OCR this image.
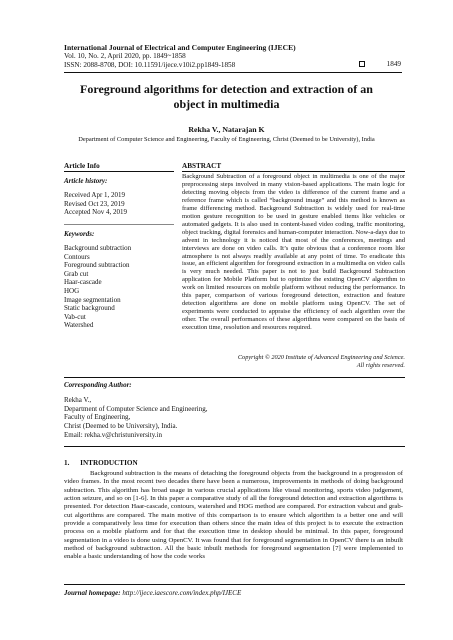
International Journal of Electrical and Computer Engineering (IJECE)
Vol. 10, No. 2, April 2020, pp. 1849~1858
ISSN: 2088-8708, DOI: 10.11591/ijece.v10i2.pp1849-1858	1849
Foreground algorithms for detection and extraction of an object in multimedia
Rekha V., Natarajan K
Department of Computer Science and Engineering, Faculty of Engineering, Christ (Deemed to be University), India
Article Info
Article history:
Received Apr 1, 2019
Revised Oct 23, 2019
Accepted Nov 4, 2019
Keywords:
Background subtraction
Contours
Foreground subtraction
Grab cut
Haar-cascade
HOG
Image segmentation
Static background
Vab-cut
Watershed
ABSTRACT
Background Subtraction of a foreground object in multimedia is one of the major preprocessing steps involved in many vision-based applications. The main logic for detecting moving objects from the video is difference of the current frame and a reference frame which is called “background image” and this method is known as frame differencing method. Background Subtraction is widely used for real-time motion gesture recognition to be used in gesture enabled items like vehicles or automated gadgets. It is also used in content-based video coding, traffic monitoring, object tracking, digital forensics and human-computer interaction. Now-a-days due to advent in technology it is noticed that most of the conferences, meetings and interviews are done on video calls. It’s quite obvious that a conference room like atmosphere is not always readily available at any point of time. To eradicate this issue, an efficient algorithm for foreground extraction in a multimedia on video calls is very much needed. This paper is not to just build Background Subtraction application for Mobile Platform but to optimize the existing OpenCV algorithm to work on limited resources on mobile platform without reducing the performance. In this paper, comparison of various foreground detection, extraction and feature detection algorithms are done on mobile platform using OpenCV. The set of experiments were conducted to appraise the efficiency of each algorithm over the other. The overall performances of these algorithms were compared on the basis of execution time, resolution and resources required.
Copyright © 2020 Institute of Advanced Engineering and Science.
All rights reserved.
Corresponding Author:
Rekha V.,
Department of Computer Science and Engineering,
Faculty of Engineering,
Christ (Deemed to be University), India.
Email: rekha.v@christuniversity.in
1.      INTRODUCTION
Background subtraction is the means of detaching the foreground objects from the background in a progression of video frames. In the most recent two decades there have been a numerous, improvements in methods of doing background subtraction. This algorithm has broad usage in various crucial applications like visual monitoring, sports video judgement, action seizure, and so on [1-6]. In this paper a comparative study of all the foreground detection and extraction algorithms is presented. For detection Haar-cascade, contours, watershed and HOG method are compared. For extraction vabcut and grab-cut algorithms are compared. The main motive of this comparison is to ensure which algorithm is a better one and will provide a comparatively less time for execution than others since the main idea of this project is to execute the extraction process on a mobile platform and for that the execution time in desktop should be minimal. In this paper, foreground segmentation in a video is done using OpenCV. It was found that for foreground segmentation in OpenCV there is an inbuilt method of background subtraction. All the basic inbuilt methods for foreground segmentation [7] were implemented to enable a basic understanding of how the code works
Journal homepage: http://ijece.iaescore.com/index.php/IJECE
